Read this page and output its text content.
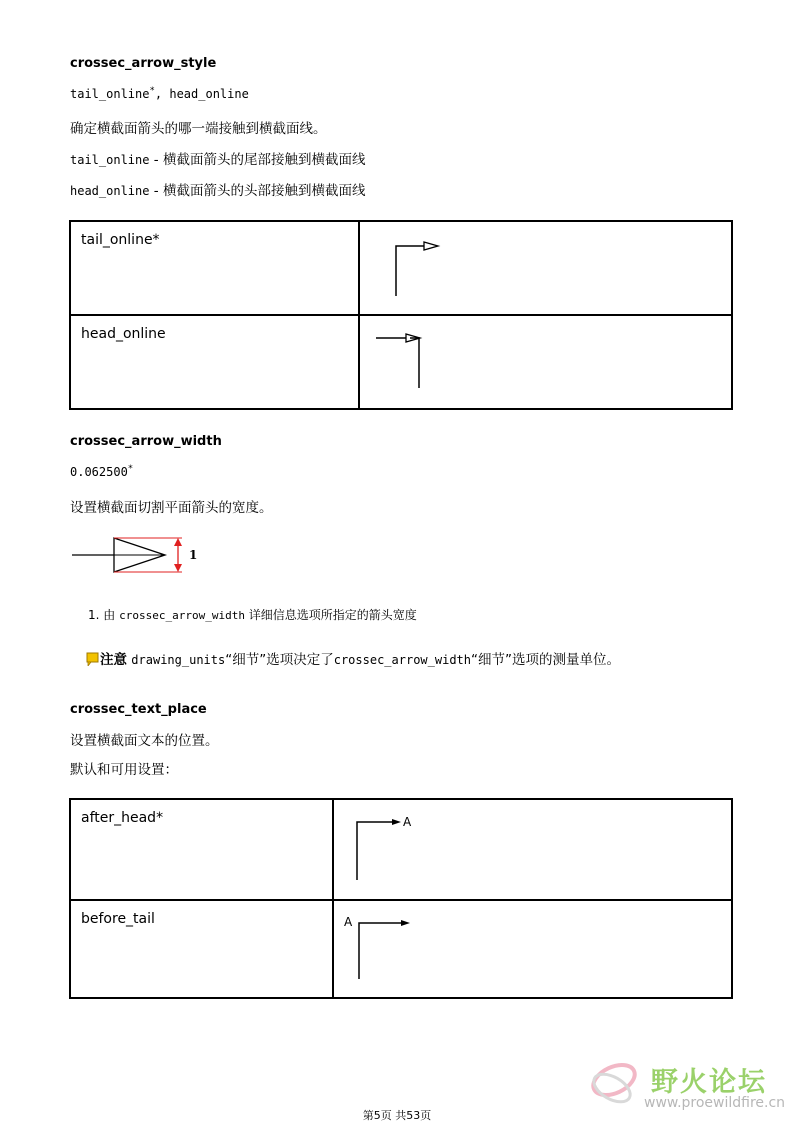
crossec_arrow_style
tail_online*, head_online
确定横截面箭头的哪一端接触到横截面线。
tail_online - 横截面箭头的尾部接触到横截面线
head_online - 横截面箭头的头部接触到横截面线
tail_online*

head_online

crossec_arrow_width
0.062500*
设置横截面切割平面箭头的宽度。
1
1. 由 crossec_arrow_width 详细信息选项所指定的箭头宽度
注意 drawing_units“细节”选项决定了crossec_arrow_width“细节”选项的测量单位。
crossec_text_place
设置横截面文本的位置。
默认和可用设置：
after_head*	A

before_tail	A
野火论坛
www.proewildfire.cn
第5页 共53页
